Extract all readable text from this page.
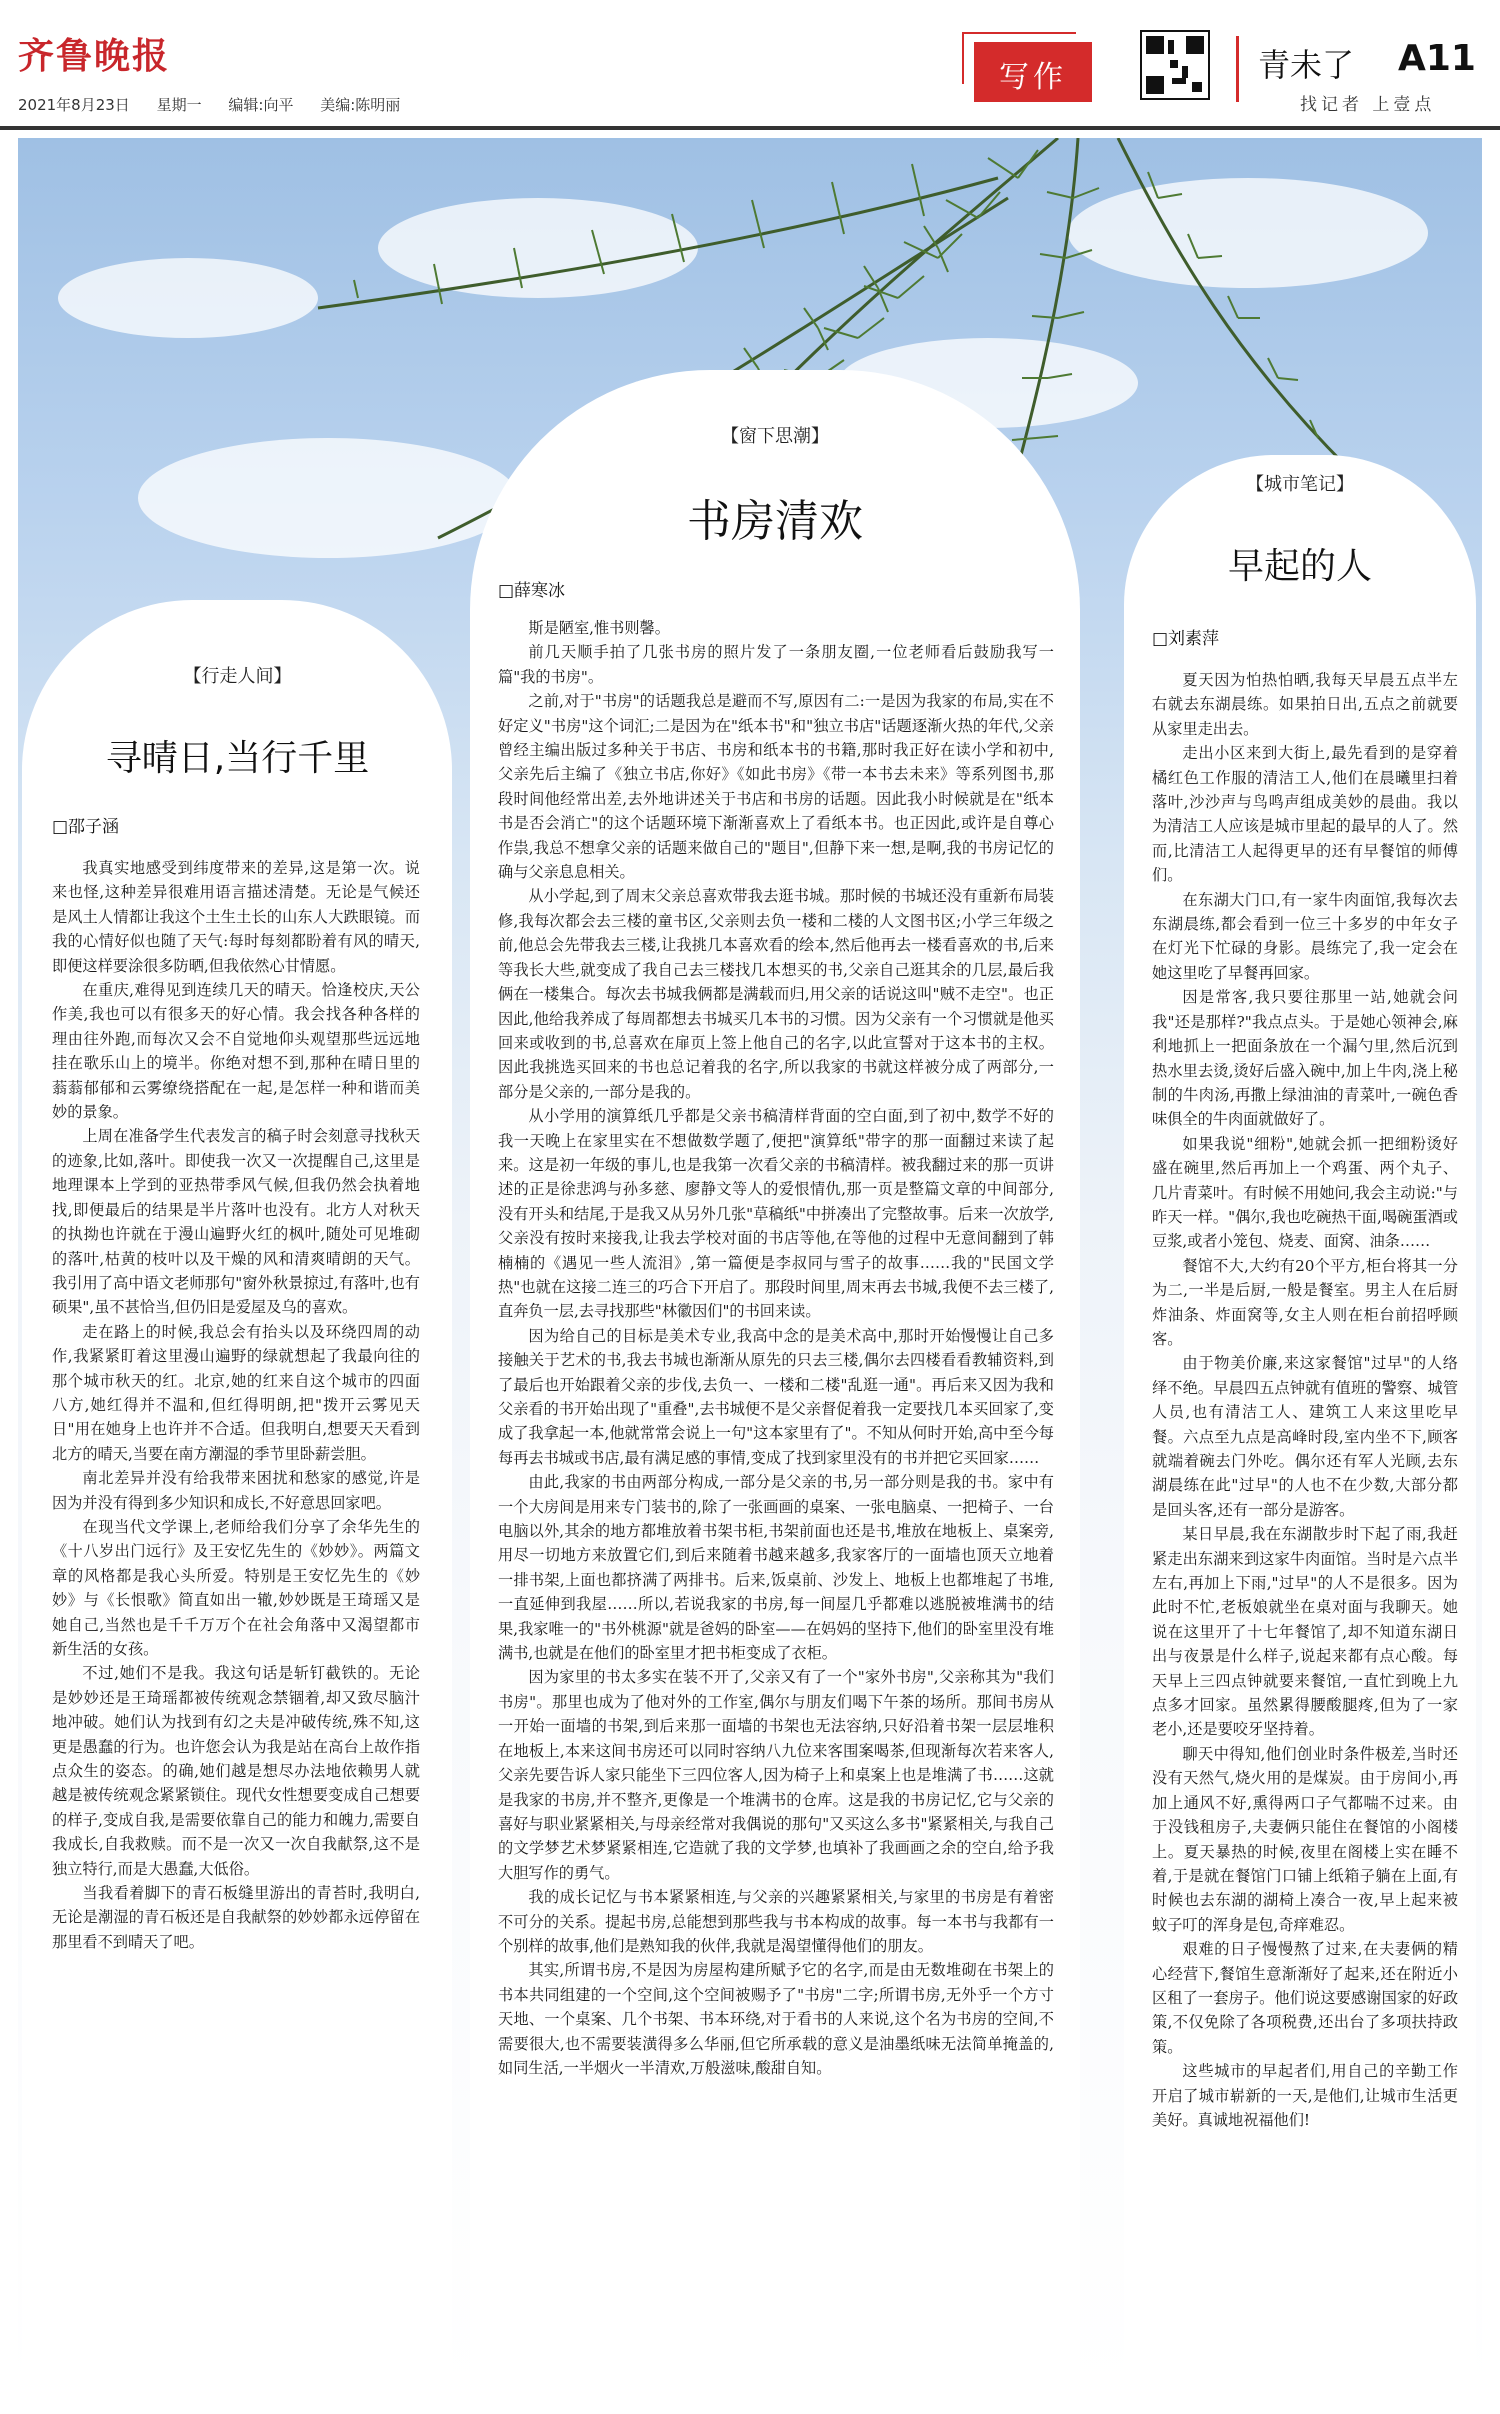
齐鲁晚报
2021年8月23日 星期一 编辑:向平 美编:陈明丽
写作	青未了 A11
找记者 上壹点
【行走人间】
寻晴日,当行千里
□邵子涵

我真实地感受到纬度带来的差异,这是第一次。说来也怪,这种差异很难用语言描述清楚。无论是气候还是风土人情都让我这个土生土长的山东人大跌眼镜。而我的心情好似也随了天气:每时每刻都盼着有风的晴天,即便这样要涂很多防晒,但我依然心甘情愿。

在重庆,难得见到连续几天的晴天。恰逢校庆,天公作美,我也可以有很多天的好心情。我会找各种各样的理由往外跑,而每次又会不自觉地仰头观望那些远远地挂在歌乐山上的境半。你绝对想不到,那种在晴日里的蓊蓊郁郁和云雾缭绕搭配在一起,是怎样一种和谐而美妙的景象。

上周在准备学生代表发言的稿子时会刻意寻找秋天的迹象,比如,落叶。即使我一次又一次提醒自己,这里是地理课本上学到的亚热带季风气候,但我仍然会执着地找,即便最后的结果是半片落叶也没有。北方人对秋天的执拗也许就在于漫山遍野火红的枫叶,随处可见堆砌的落叶,枯黄的枝叶以及干燥的风和清爽晴朗的天气。我引用了高中语文老师那句"窗外秋景掠过,有落叶,也有硕果",虽不甚恰当,但仍旧是爱屋及乌的喜欢。

走在路上的时候,我总会有抬头以及环绕四周的动作,我紧紧盯着这里漫山遍野的绿就想起了我最向往的那个城市秋天的红。北京,她的红来自这个城市的四面八方,她红得并不温和,但红得明朗,把"拨开云雾见天日"用在她身上也许并不合适。但我明白,想要天天看到北方的晴天,当要在南方潮湿的季节里卧薪尝胆。

南北差异并没有给我带来困扰和愁家的感觉,许是因为并没有得到多少知识和成长,不好意思回家吧。

在现当代文学课上,老师给我们分享了余华先生的《十八岁出门远行》及王安忆先生的《妙妙》。两篇文章的风格都是我心头所爱。特别是王安忆先生的《妙妙》与《长恨歌》简直如出一辙,妙妙既是王琦瑶又是她自己,当然也是千千万万个在社会角落中又渴望都市新生活的女孩。

不过,她们不是我。我这句话是斩钉截铁的。无论是妙妙还是王琦瑶都被传统观念禁锢着,却又致尽脑汁地冲破。她们认为找到有幻之夫是冲破传统,殊不知,这更是愚蠢的行为。也许您会认为我是站在高台上故作指点众生的姿态。的确,她们越是想尽办法地依赖男人就越是被传统观念紧紧锁住。现代女性想要变成自己想要的样子,变成自我,是需要依靠自己的能力和魄力,需要自我成长,自我救赎。而不是一次又一次自我献祭,这不是独立特行,而是大愚蠢,大低俗。

当我看着脚下的青石板缝里游出的青苔时,我明白,无论是潮湿的青石板还是自我献祭的妙妙都永远停留在那里看不到晴天了吧。

【窗下思潮】
书房清欢
□薛寒冰

斯是陋室,惟书则馨。

前几天顺手拍了几张书房的照片发了一条朋友圈,一位老师看后鼓励我写一篇"我的书房"。

之前,对于"书房"的话题我总是避而不写,原因有二:一是因为我家的布局,实在不好定义"书房"这个词汇;二是因为在"纸本书"和"独立书店"话题逐渐火热的年代,父亲曾经主编出版过多种关于书店、书房和纸本书的书籍,那时我正好在读小学和初中,父亲先后主编了《独立书店,你好》《如此书房》《带一本书去未来》等系列图书,那段时间他经常出差,去外地讲述关于书店和书房的话题。因此我小时候就是在"纸本书是否会消亡"的这个话题环境下渐渐喜欢上了看纸本书。也正因此,或许是自尊心作祟,我总不想拿父亲的话题来做自己的"题目",但静下来一想,是啊,我的书房记忆的确与父亲息息相关。

从小学起,到了周末父亲总喜欢带我去逛书城。那时候的书城还没有重新布局装修,我每次都会去三楼的童书区,父亲则去负一楼和二楼的人文图书区;小学三年级之前,他总会先带我去三楼,让我挑几本喜欢看的绘本,然后他再去一楼看喜欢的书,后来等我长大些,就变成了我自己去三楼找几本想买的书,父亲自己逛其余的几层,最后我俩在一楼集合。每次去书城我俩都是满载而归,用父亲的话说这叫"贼不走空"。也正因此,他给我养成了每周都想去书城买几本书的习惯。因为父亲有一个习惯就是他买回来或收到的书,总喜欢在扉页上签上他自己的名字,以此宣誓对于这本书的主权。因此我挑选买回来的书也总记着我的名字,所以我家的书就这样被分成了两部分,一部分是父亲的,一部分是我的。

从小学用的演算纸几乎都是父亲书稿清样背面的空白面,到了初中,数学不好的我一天晚上在家里实在不想做数学题了,便把"演算纸"带字的那一面翻过来读了起来。这是初一年级的事儿,也是我第一次看父亲的书稿清样。被我翻过来的那一页讲述的正是徐悲鸿与孙多慈、廖静文等人的爱恨情仇,那一页是整篇文章的中间部分,没有开头和结尾,于是我又从另外几张"草稿纸"中拼凑出了完整故事。后来一次放学,父亲没有按时来接我,让我去学校对面的书店等他,在等他的过程中无意间翻到了韩楠楠的《遇见一些人流泪》,第一篇便是李叔同与雪子的故事……我的"民国文学热"也就在这接二连三的巧合下开启了。那段时间里,周末再去书城,我便不去三楼了,直奔负一层,去寻找那些"林徽因们"的书回来读。

因为给自己的目标是美术专业,我高中念的是美术高中,那时开始慢慢让自己多接触关于艺术的书,我去书城也渐渐从原先的只去三楼,偶尔去四楼看看教辅资料,到了最后也开始跟着父亲的步伐,去负一、一楼和二楼"乱逛一通"。再后来又因为我和父亲看的书开始出现了"重叠",去书城便不是父亲督促着我一定要找几本买回家了,变成了我拿起一本,他就常常会说上一句"这本家里有了"。不知从何时开始,高中至今每每再去书城或书店,最有满足感的事情,变成了找到家里没有的书并把它买回家……

由此,我家的书由两部分构成,一部分是父亲的书,另一部分则是我的书。家中有一个大房间是用来专门装书的,除了一张画画的桌案、一张电脑桌、一把椅子、一台电脑以外,其余的地方都堆放着书架书柜,书架前面也还是书,堆放在地板上、桌案旁,用尽一切地方来放置它们,到后来随着书越来越多,我家客厅的一面墙也顶天立地着一排书架,上面也都挤满了两排书。后来,饭桌前、沙发上、地板上也都堆起了书堆,一直延伸到我屋……所以,若说我家的书房,每一间屋几乎都难以逃脱被堆满书的结果,我家唯一的"书外桃源"就是爸妈的卧室——在妈妈的坚持下,他们的卧室里没有堆满书,也就是在他们的卧室里才把书柜变成了衣柜。

因为家里的书太多实在装不开了,父亲又有了一个"家外书房",父亲称其为"我们书房"。那里也成为了他对外的工作室,偶尔与朋友们喝下午茶的场所。那间书房从一开始一面墙的书架,到后来那一面墙的书架也无法容纳,只好沿着书架一层层堆积在地板上,本来这间书房还可以同时容纳八九位来客围案喝茶,但现渐每次若来客人,父亲先要告诉人家只能坐下三四位客人,因为椅子上和桌案上也是堆满了书……这就是我家的书房,并不整齐,更像是一个堆满书的仓库。这是我的书房记忆,它与父亲的喜好与职业紧紧相关,与母亲经常对我偶说的那句"又买这么多书"紧紧相关,与我自己的文学梦艺术梦紧紧相连,它造就了我的文学梦,也填补了我画画之余的空白,给予我大胆写作的勇气。

我的成长记忆与书本紧紧相连,与父亲的兴趣紧紧相关,与家里的书房是有着密不可分的关系。提起书房,总能想到那些我与书本构成的故事。每一本书与我都有一个别样的故事,他们是熟知我的伙伴,我就是渴望懂得他们的朋友。

其实,所谓书房,不是因为房屋构建所赋予它的名字,而是由无数堆砌在书架上的书本共同组建的一个空间,这个空间被赐予了"书房"二字;所谓书房,无外乎一个方寸天地、一个桌案、几个书架、书本环绕,对于看书的人来说,这个名为书房的空间,不需要很大,也不需要装潢得多么华丽,但它所承载的意义是油墨纸味无法简单掩盖的,如同生活,一半烟火一半清欢,万般滋味,酸甜自知。

【城市笔记】
早起的人
□刘素萍

夏天因为怕热怕晒,我每天早晨五点半左右就去东湖晨练。如果拍日出,五点之前就要从家里走出去。

走出小区来到大街上,最先看到的是穿着橘红色工作服的清洁工人,他们在晨曦里扫着落叶,沙沙声与鸟鸣声组成美妙的晨曲。我以为清洁工人应该是城市里起的最早的人了。然而,比清洁工人起得更早的还有早餐馆的师傅们。

在东湖大门口,有一家牛肉面馆,我每次去东湖晨练,都会看到一位三十多岁的中年女子在灯光下忙碌的身影。晨练完了,我一定会在她这里吃了早餐再回家。

因是常客,我只要往那里一站,她就会问我"还是那样?"我点点头。于是她心领神会,麻利地抓上一把面条放在一个漏勺里,然后沉到热水里去烫,烫好后盛入碗中,加上牛肉,浇上秘制的牛肉汤,再撒上绿油油的青菜叶,一碗色香味俱全的牛肉面就做好了。

如果我说"细粉",她就会抓一把细粉烫好盛在碗里,然后再加上一个鸡蛋、两个丸子、几片青菜叶。有时候不用她问,我会主动说:"与昨天一样。"偶尔,我也吃碗热干面,喝碗蛋酒或豆浆,或者小笼包、烧麦、面窝、油条……

餐馆不大,大约有20个平方,柜台将其一分为二,一半是后厨,一般是餐室。男主人在后厨炸油条、炸面窝等,女主人则在柜台前招呼顾客。

由于物美价廉,来这家餐馆"过早"的人络绎不绝。早晨四五点钟就有值班的警察、城管人员,也有清洁工人、建筑工人来这里吃早餐。六点至九点是高峰时段,室内坐不下,顾客就端着碗去门外吃。偶尔还有军人光顾,去东湖晨练在此"过早"的人也不在少数,大部分都是回头客,还有一部分是游客。

某日早晨,我在东湖散步时下起了雨,我赶紧走出东湖来到这家牛肉面馆。当时是六点半左右,再加上下雨,"过早"的人不是很多。因为此时不忙,老板娘就坐在桌对面与我聊天。她说在这里开了十七年餐馆了,却不知道东湖日出与夜景是什么样子,说起来都有点心酸。每天早上三四点钟就要来餐馆,一直忙到晚上九点多才回家。虽然累得腰酸腿疼,但为了一家老小,还是要咬牙坚持着。

聊天中得知,他们创业时条件极差,当时还没有天然气,烧火用的是煤炭。由于房间小,再加上通风不好,熏得两口子气都喘不过来。由于没钱租房子,夫妻俩只能住在餐馆的小阁楼上。夏天暴热的时候,夜里在阁楼上实在睡不着,于是就在餐馆门口铺上纸箱子躺在上面,有时候也去东湖的湖椅上凑合一夜,早上起来被蚊子叮的浑身是包,奇痒难忍。

艰难的日子慢慢熬了过来,在夫妻俩的精心经营下,餐馆生意渐渐好了起来,还在附近小区租了一套房子。他们说这要感谢国家的好政策,不仅免除了各项税费,还出台了多项扶持政策。

这些城市的早起者们,用自己的辛勤工作开启了城市崭新的一天,是他们,让城市生活更美好。真诚地祝福他们!
